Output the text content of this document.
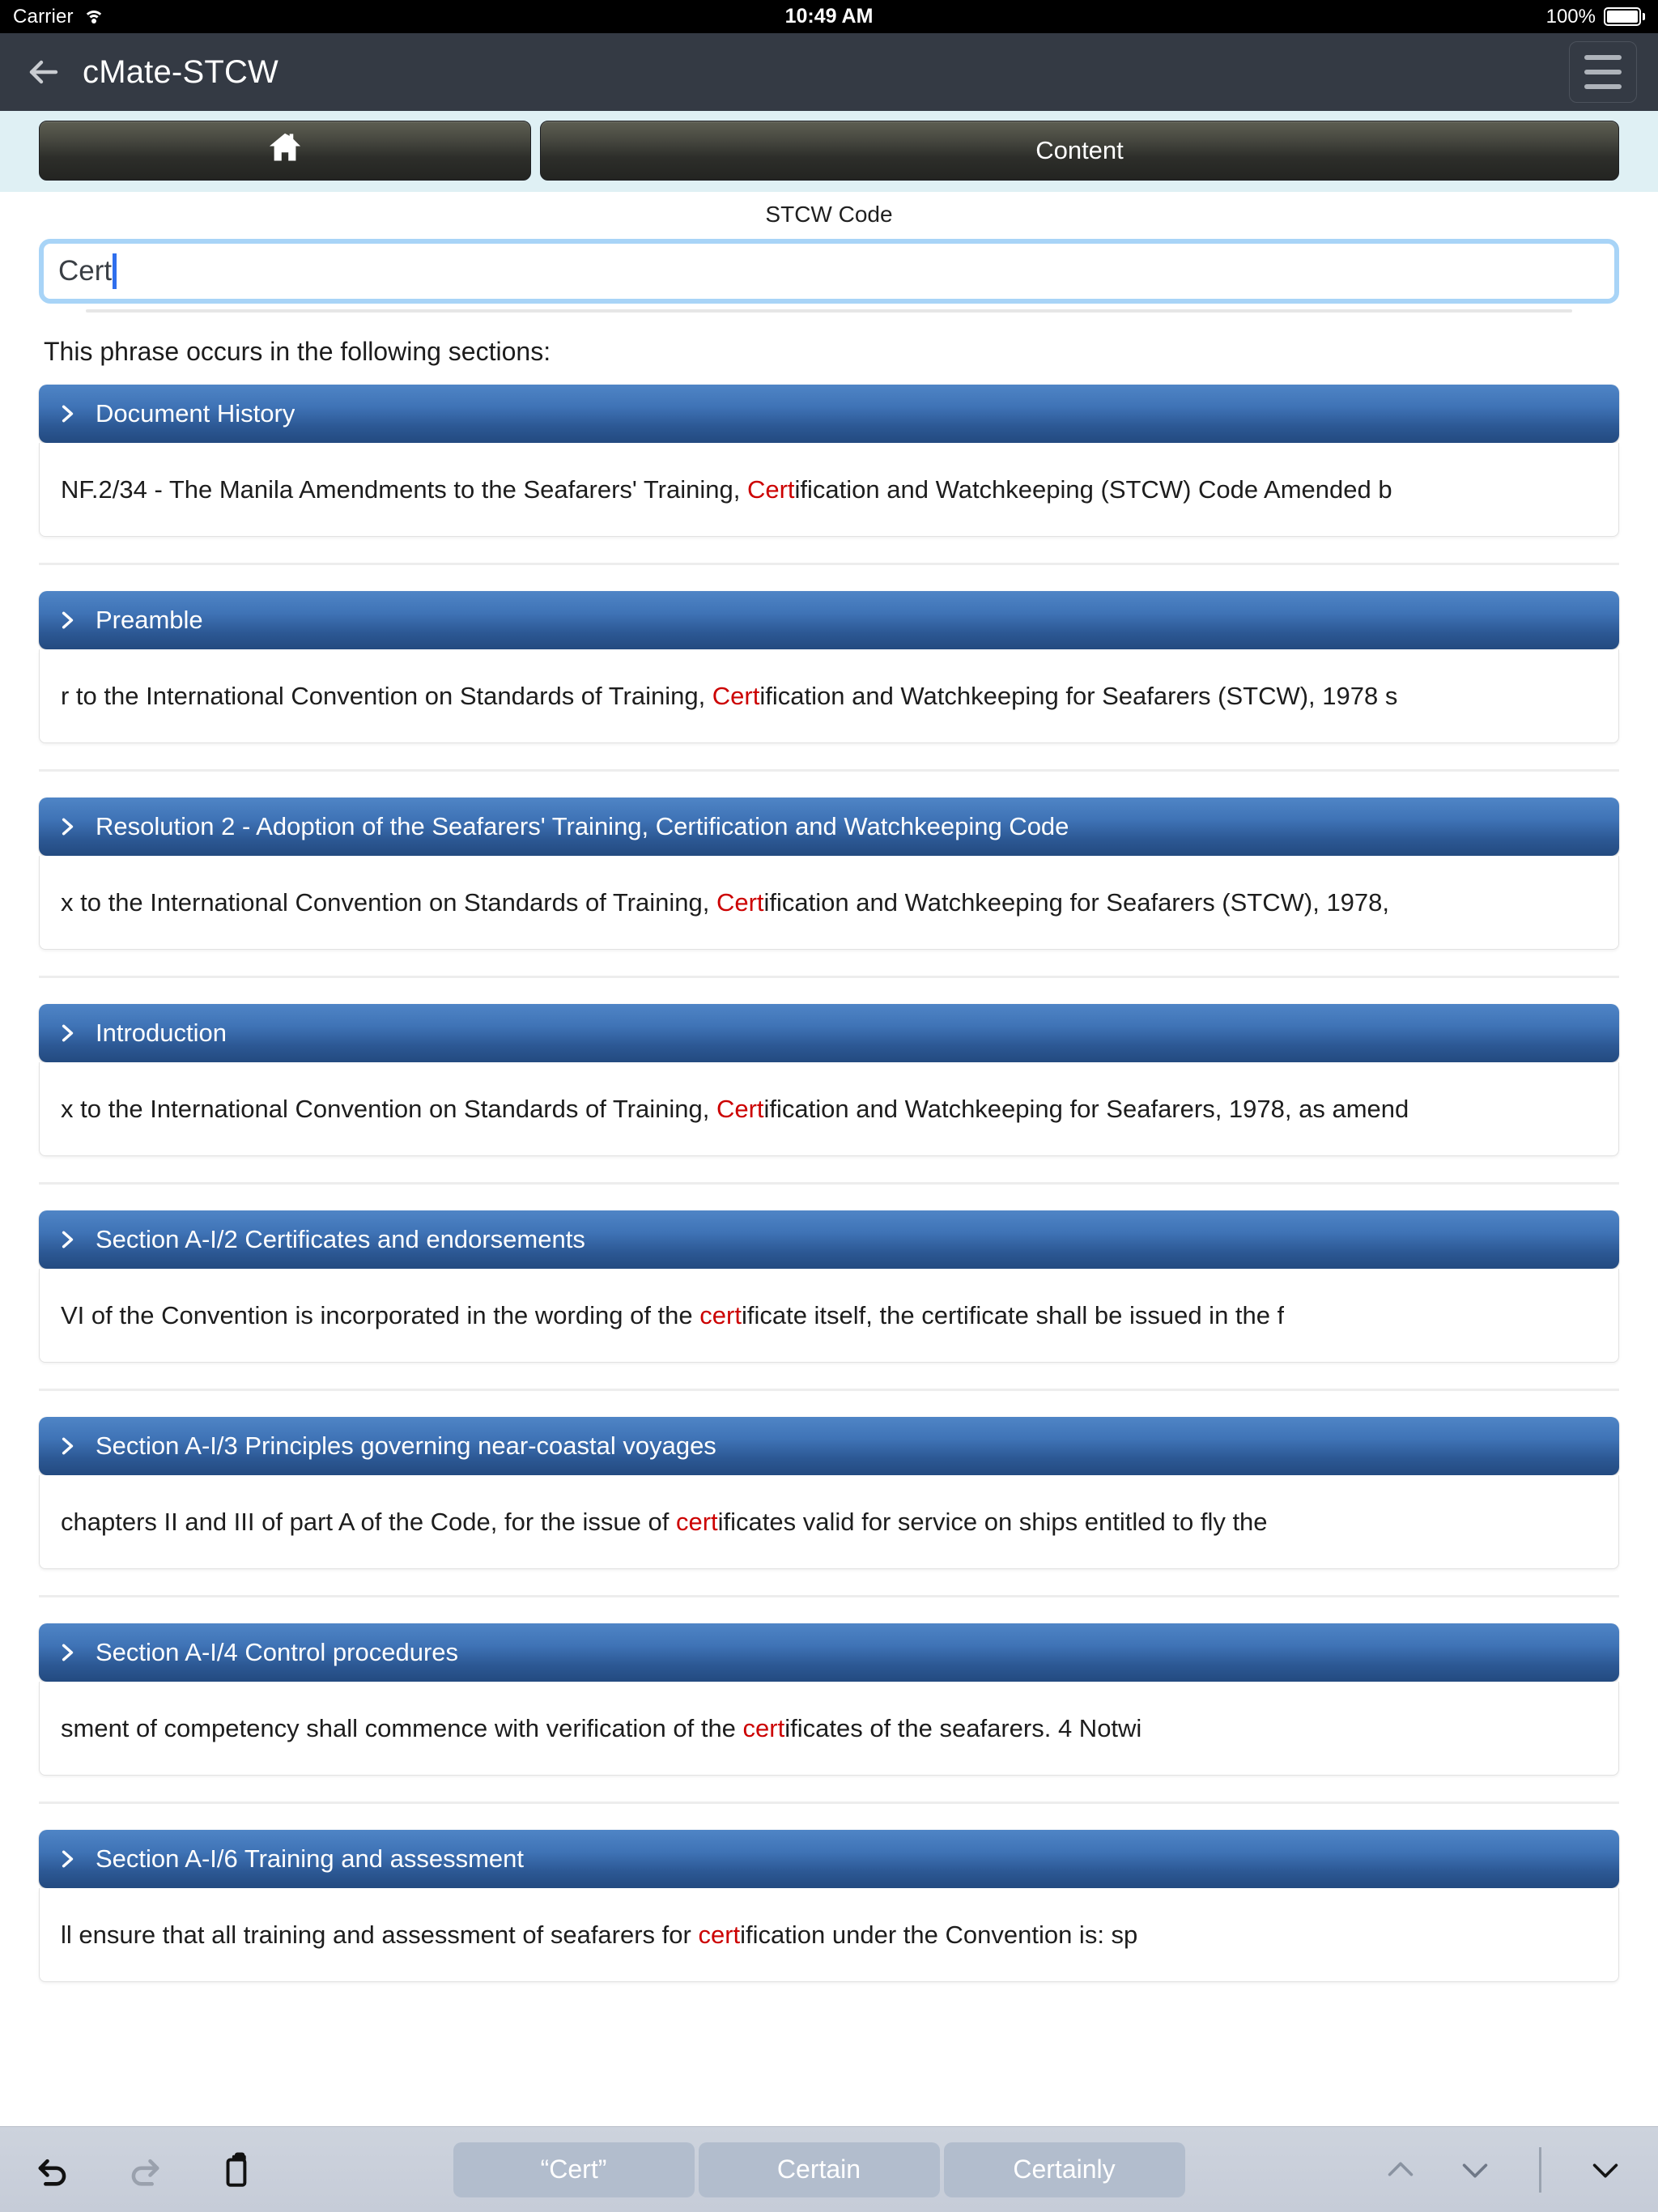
Carrier	10:49 AM	100%
cMate-STCW
Content
STCW Code
Cert
This phrase occurs in the following sections:
Document History
NF.2/34 - The Manila Amendments to the Seafarers' Training, Certification and Watchkeeping (STCW) Code Amended b
Preamble
r to the International Convention on Standards of Training, Certification and Watchkeeping for Seafarers (STCW), 1978 s
Resolution 2 - Adoption of the Seafarers' Training, Certification and Watchkeeping Code
x to the International Convention on Standards of Training, Certification and Watchkeeping for Seafarers (STCW), 1978,
Introduction
x to the International Convention on Standards of Training, Certification and Watchkeeping for Seafarers, 1978, as amend
Section A-I/2 Certificates and endorsements
VI of the Convention is incorporated in the wording of the certificate itself, the certificate shall be issued in the f
Section A-I/3 Principles governing near-coastal voyages
chapters II and III of part A of the Code, for the issue of certificates valid for service on ships entitled to fly the
Section A-I/4 Control procedures
sment of competency shall commence with verification of the certificates of the seafarers. 4 Notwi
Section A-I/6 Training and assessment
ll ensure that all training and assessment of seafarers for certification under the Convention is: sp
“Cert”	Certain	Certainly
